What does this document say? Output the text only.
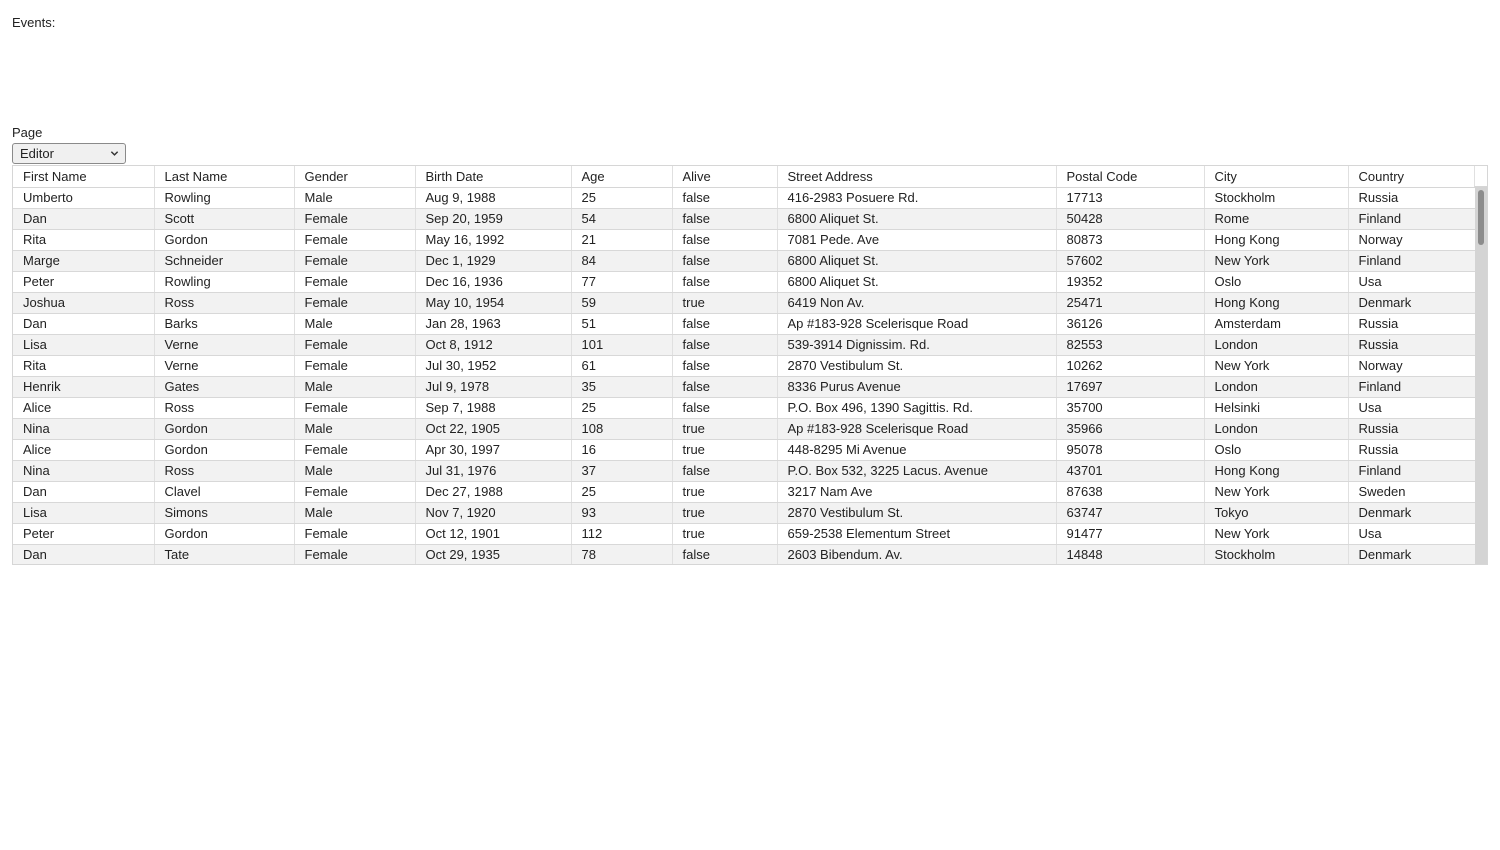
Events:
Page
Editor
First Name	Last Name	Gender	Birth Date	Age	Alive	Street Address	Postal Code	City	Country
Umberto	Rowling	Male	Aug 9, 1988	25	false	416-2983 Posuere Rd.	17713	Stockholm	Russia
Dan	Scott	Female	Sep 20, 1959	54	false	6800 Aliquet St.	50428	Rome	Finland
Rita	Gordon	Female	May 16, 1992	21	false	7081 Pede. Ave	80873	Hong Kong	Norway
Marge	Schneider	Female	Dec 1, 1929	84	false	6800 Aliquet St.	57602	New York	Finland
Peter	Rowling	Female	Dec 16, 1936	77	false	6800 Aliquet St.	19352	Oslo	Usa
Joshua	Ross	Female	May 10, 1954	59	true	6419 Non Av.	25471	Hong Kong	Denmark
Dan	Barks	Male	Jan 28, 1963	51	false	Ap #183-928 Scelerisque Road	36126	Amsterdam	Russia
Lisa	Verne	Female	Oct 8, 1912	101	false	539-3914 Dignissim. Rd.	82553	London	Russia
Rita	Verne	Female	Jul 30, 1952	61	false	2870 Vestibulum St.	10262	New York	Norway
Henrik	Gates	Male	Jul 9, 1978	35	false	8336 Purus Avenue	17697	London	Finland
Alice	Ross	Female	Sep 7, 1988	25	false	P.O. Box 496, 1390 Sagittis. Rd.	35700	Helsinki	Usa
Nina	Gordon	Male	Oct 22, 1905	108	true	Ap #183-928 Scelerisque Road	35966	London	Russia
Alice	Gordon	Female	Apr 30, 1997	16	true	448-8295 Mi Avenue	95078	Oslo	Russia
Nina	Ross	Male	Jul 31, 1976	37	false	P.O. Box 532, 3225 Lacus. Avenue	43701	Hong Kong	Finland
Dan	Clavel	Female	Dec 27, 1988	25	true	3217 Nam Ave	87638	New York	Sweden
Lisa	Simons	Male	Nov 7, 1920	93	true	2870 Vestibulum St.	63747	Tokyo	Denmark
Peter	Gordon	Female	Oct 12, 1901	112	true	659-2538 Elementum Street	91477	New York	Usa
Dan	Tate	Female	Oct 29, 1935	78	false	2603 Bibendum. Av.	14848	Stockholm	Denmark
